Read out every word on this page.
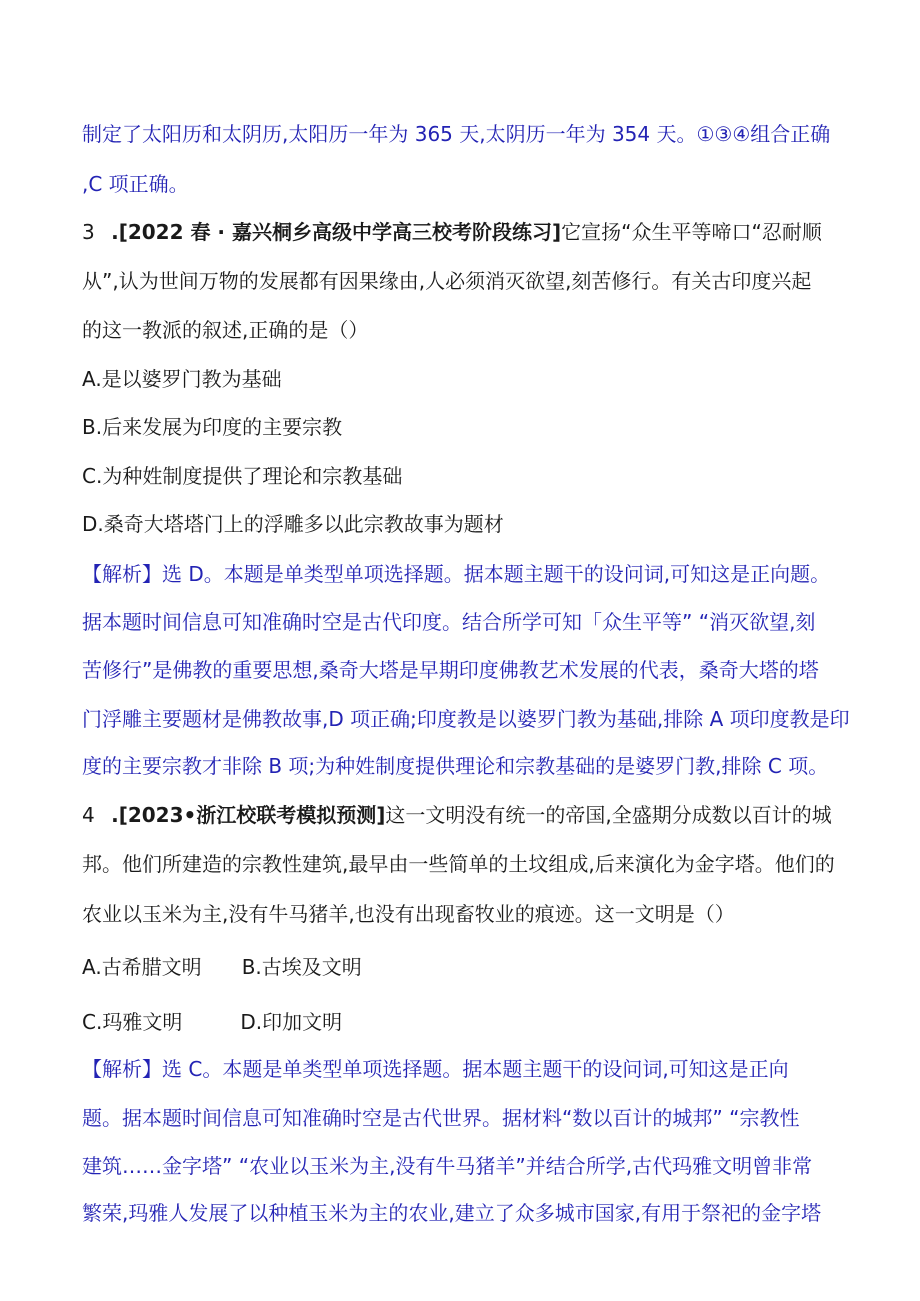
制定了太阳历和太阴历,太阳历一年为 365 天,太阴历一年为 354 天。①③④组合正确
,C 项正确。
3 .[2022 春 · 嘉兴桐乡高级中学高三校考阶段练习]它宣扬“众生平等啼口“忍耐顺
从”,认为世间万物的发展都有因果缘由,人必须消灭欲望,刻苦修行。有关古印度兴起
的这一教派的叙述,正确的是（）
A.是以婆罗门教为基础
B.后来发展为印度的主要宗教
C.为种姓制度提供了理论和宗教基础
D.桑奇大塔塔门上的浮雕多以此宗教故事为题材
【解析】选 D。本题是单类型单项选择题。据本题主题干的设问词,可知这是正向题。
据本题时间信息可知准确时空是古代印度。结合所学可知「众生平等” “消灭欲望,刻
苦修行”是佛教的重要思想,桑奇大塔是早期印度佛教艺术发展的代表，桑奇大塔的塔
门浮雕主要题材是佛教故事,D 项正确;印度教是以婆罗门教为基础,排除 A 项印度教是印
度的主要宗教才非除 B 项;为种姓制度提供理论和宗教基础的是婆罗门教,排除 C 项。
4 .[2023•浙江校联考模拟预测]这一文明没有统一的帝国,全盛期分成数以百计的城
邦。他们所建造的宗教性建筑,最早由一些简单的土坟组成,后来演化为金字塔。他们的
农业以玉米为主,没有牛马猪羊,也没有出现畜牧业的痕迹。这一文明是（）
A.古希腊文明 B.古埃及文明
C.玛雅文明	D.印加文明
【解析】选 C。本题是单类型单项选择题。据本题主题干的设问词,可知这是正向
题。据本题时间信息可知准确时空是古代世界。据材料“数以百计的城邦” “宗教性
建筑……金字塔” “农业以玉米为主,没有牛马猪羊”并结合所学,古代玛雅文明曾非常
繁荣,玛雅人发展了以种植玉米为主的农业,建立了众多城市国家,有用于祭祀的金字塔
